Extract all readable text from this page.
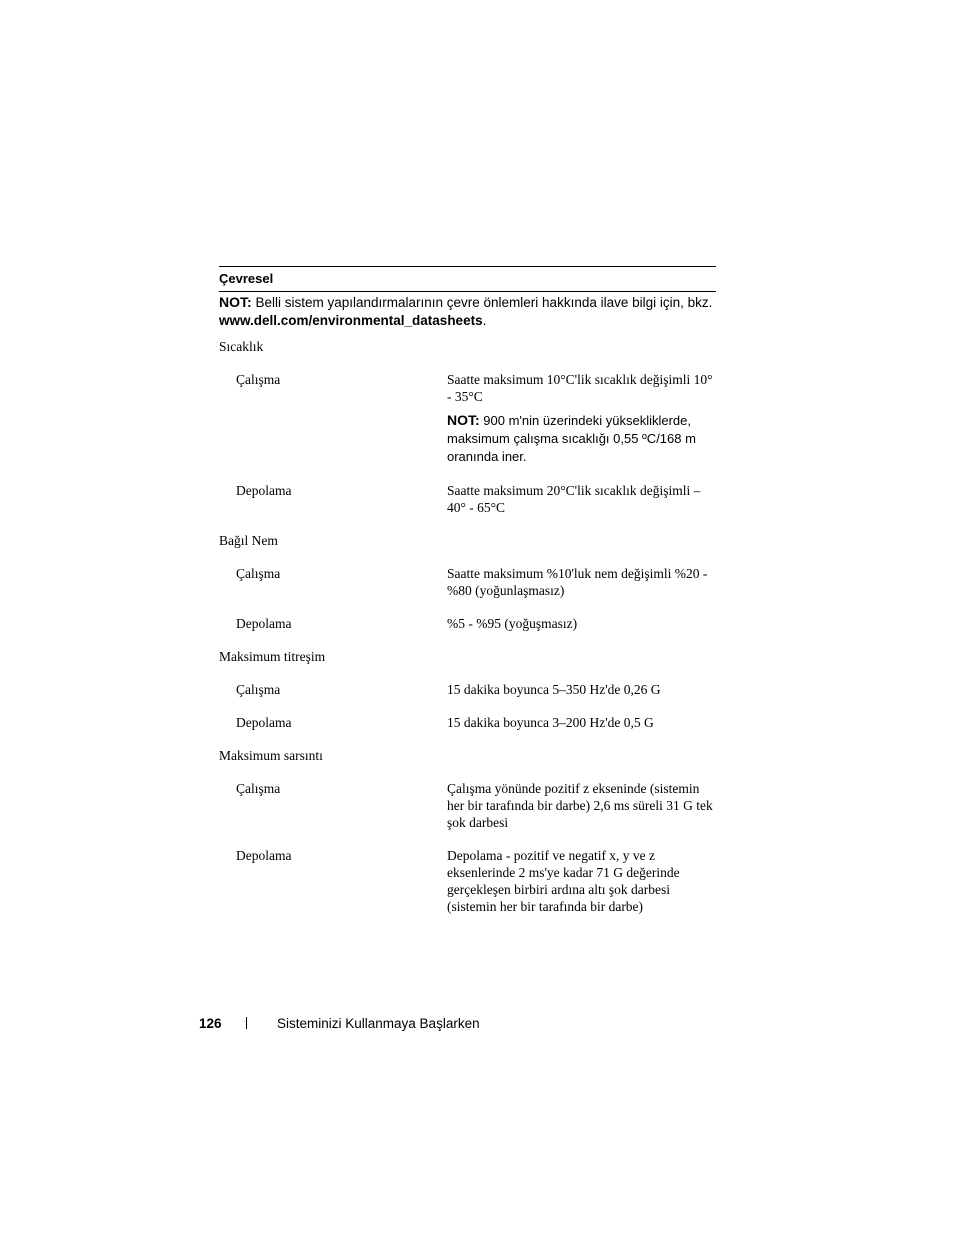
Çevresel
NOT: Belli sistem yapılandırmalarının çevre önlemleri hakkında ilave bilgi için, bkz. www.dell.com/environmental_datasheets.
Sıcaklık
Çalışma	Saatte maksimum 10°C'lik sıcaklık değişimli 10° - 35°C
NOT: 900 m'nin üzerindeki yüksekliklerde, maksimum çalışma sıcaklığı 0,55 ºC/168 m oranında iner.
Depolama	Saatte maksimum 20°C'lik sıcaklık değişimli –40° - 65°C
Bağıl Nem
Çalışma	Saatte maksimum %10'luk nem değişimli %20 - %80 (yoğunlaşmasız)
Depolama	%5 - %95 (yoğuşmasız)
Maksimum titreşim
Çalışma	15 dakika boyunca 5–350 Hz'de 0,26 G
Depolama	15 dakika boyunca 3–200 Hz'de 0,5 G
Maksimum sarsıntı
Çalışma	Çalışma yönünde pozitif z ekseninde (sistemin her bir tarafında bir darbe) 2,6 ms süreli 31 G tek şok darbesi
Depolama	Depolama - pozitif ve negatif x, y ve z eksenlerinde 2 ms'ye kadar 71 G değerinde gerçekleşen birbiri ardına altı şok darbesi (sistemin her bir tarafında bir darbe)
126	Sisteminizi Kullanmaya Başlarken
